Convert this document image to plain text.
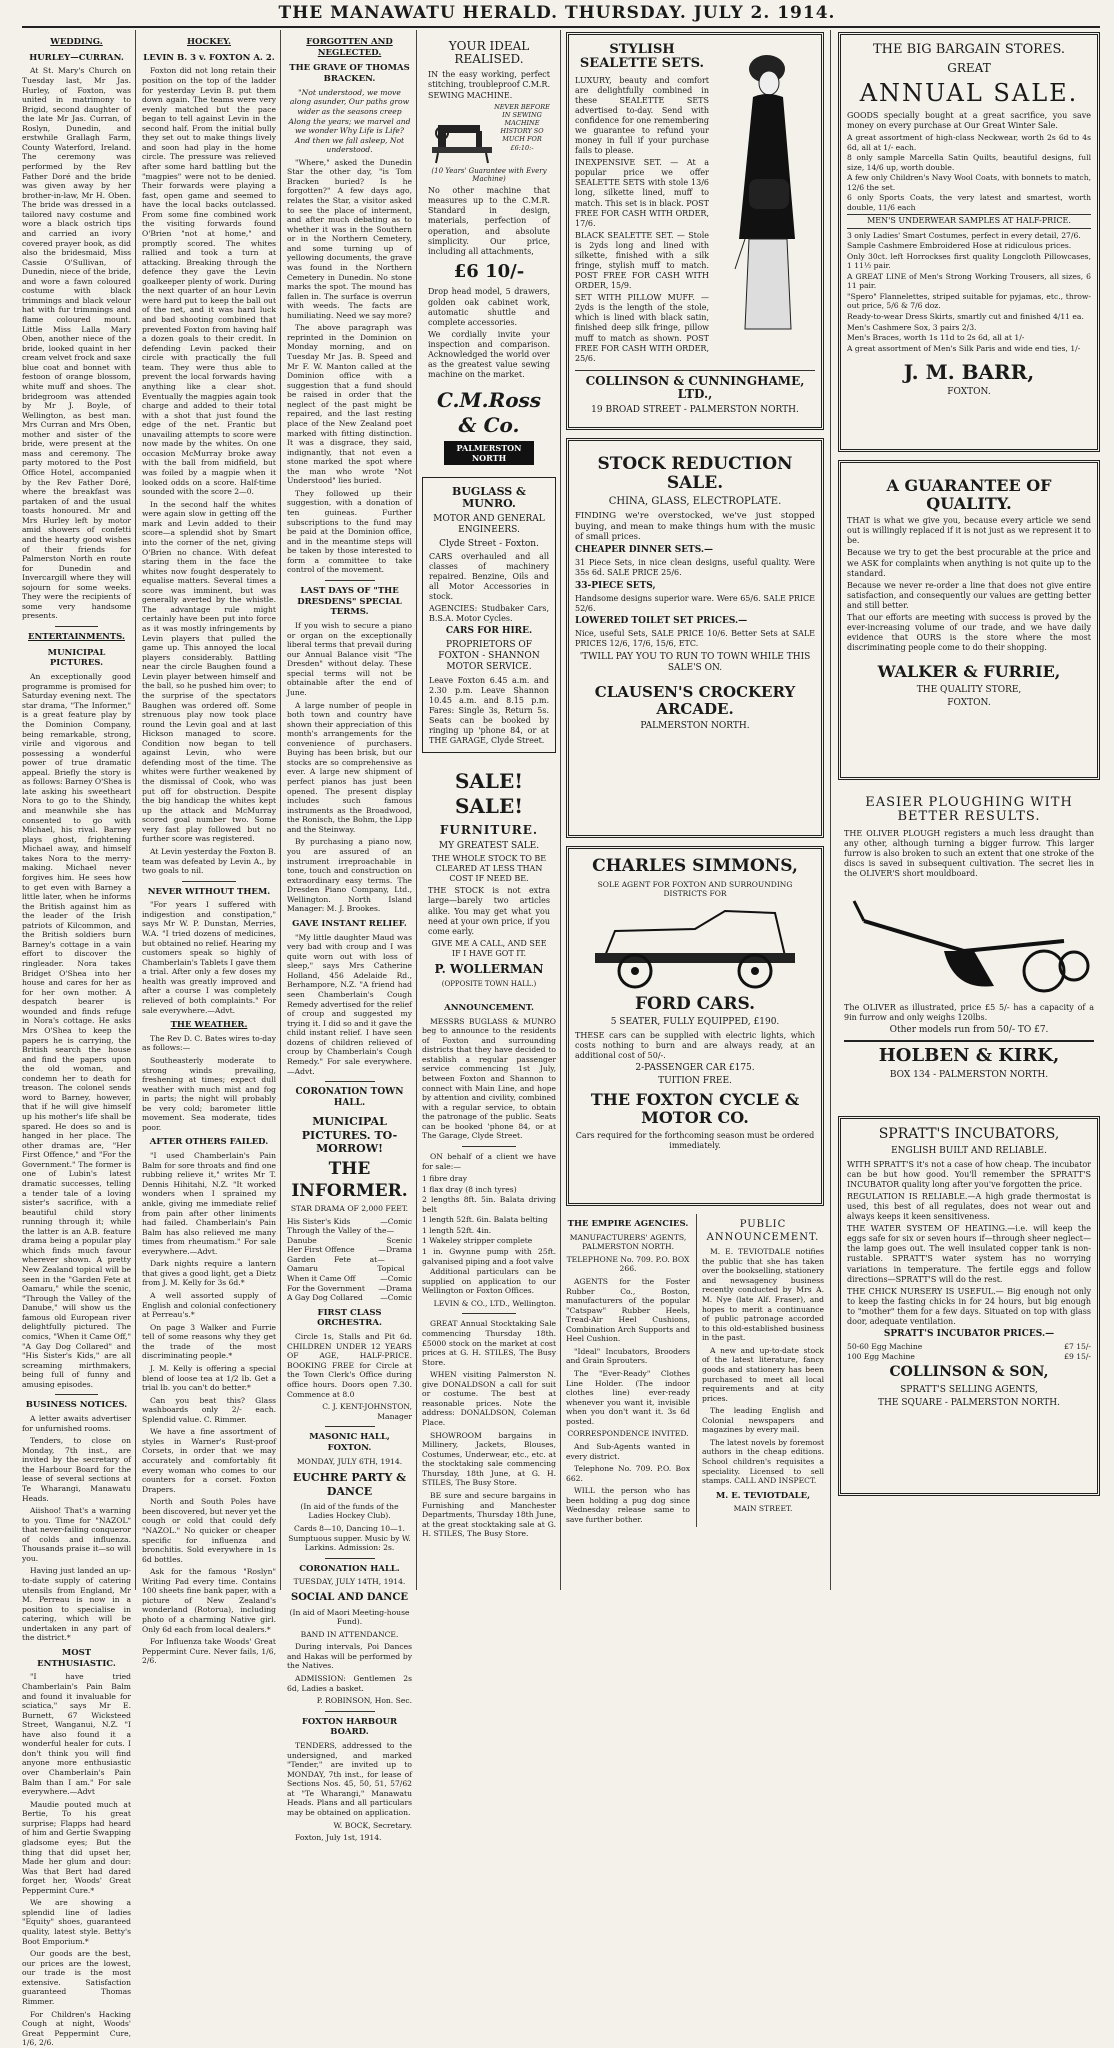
THE MANAWATU HERALD. THURSDAY. JULY 2. 1914.
WEDDING.
HURLEY—CURRAN.

At St. Mary's Church on Tuesday last, Mr Jas. Hurley, of Foxton, was united in matrimony to Brigid, second daughter of the late Mr Jas. Curran, of Roslyn, Dunedin, and erstwhile Grallagh Farm, County Waterford, Ireland. The ceremony was performed by the Rev Father Doré and the bride was given away by her brother-in-law, Mr H. Oben. The bride was dressed in a tailored navy costume and wore a black ostrich tips and carried an ivory covered prayer book, as did also the bridesmaid, Miss Cassie O'Sullivan, of Dunedin, niece of the bride, and wore a fawn coloured costume with black trimmings and black velour hat with fur trimmings and flame coloured mount. Little Miss Lalla Mary Oben, another niece of the bride, looked quaint in her cream velvet frock and saxe blue coat and bonnet with festoon of orange blossom, white muff and shoes. The bridegroom was attended by Mr J. Boyle, of Wellington, as best man. Mrs Curran and Mrs Oben, mother and sister of the bride, were present at the mass and ceremony. The party motored to the Post Office Hotel, accompanied by the Rev Father Doré, where the breakfast was partaken of and the usual toasts honoured. Mr and Mrs Hurley left by motor amid showers of confetti and the hearty good wishes of their friends for Palmerston North en route for Dunedin and Invercargill where they will sojourn for some weeks. They were the recipients of some very handsome presents.

ENTERTAINMENTS.
MUNICIPAL PICTURES.

An exceptionally good programme is promised for Saturday evening next. The star drama, "The Informer," is a great feature play by the Dominion Company, being remarkable, strong, virile and vigorous and possessing a wonderful power of true dramatic appeal. Briefly the story is as follows: Barney O'Shea is late asking his sweetheart Nora to go to the Shindy, and meanwhile she has consented to go with Michael, his rival. Barney plays ghost, frightening Michael away, and himself takes Nora to the merry-making. Michael never forgives him. He sees how to get even with Barney a little later, when he informs the British against him as the leader of the Irish patriots of Kilcommon, and the British soldiers burn Barney's cottage in a vain effort to discover the ringleader. Nora takes Bridget O'Shea into her house and cares for her as for her own mother. A despatch bearer is wounded and finds refuge in Nora's cottage. He asks Mrs O'Shea to keep the papers he is carrying, the British search the house and find the papers upon the old woman, and condemn her to death for treason. The colonel sends word to Barney, however, that if he will give himself up his mother's life shall be spared. He does so and is hanged in her place. The other dramas are, "Her First Offence," and "For the Government." The former is one of Lubin's latest dramatic successes, telling a tender tale of a loving sister's sacrifice, with a beautiful child story running through it; while the latter is an A.B. feature drama being a popular play which finds much favour wherever shown. A pretty New Zealand topical will be seen in the "Garden Fete at Oamaru," while the scenic, "Through the Valley of the Danube," will show us the famous old European river delightfully pictured. The comics, "When it Came Off," "A Gay Dog Collared" and "His Sister's Kids," are all screaming mirthmakers, being full of funny and amusing episodes.

BUSINESS NOTICES.

A letter awaits advertiser for unfurnished rooms.

Tenders, to close on Monday, 7th inst., are invited by the secretary of the Harbour Board for the lease of several sections at Te Wharangi, Manawatu Heads.

Aiishoo! That's a warning to you. Time for "NAZOL" that never-failing conqueror of colds and influenza. Thousands praise it—so will you.

Having just landed an up-to-date supply of catering utensils from England, Mr M. Perreau is now in a position to specialise in catering, which will be undertaken in any part of the district.*

MOST ENTHUSIASTIC.

"I have tried Chamberlain's Pain Balm and found it invaluable for sciatica," says Mr E. Burnett, 67 Wicksteed Street, Wanganui, N.Z. "I have also found it a wonderful healer for cuts. I don't think you will find anyone more enthusiastic over Chamberlain's Pain Balm than I am." For sale everywhere.—Advt

Maudie pouted much at Bertie, To his great surprise; Flapps had heard of him and Gertie Swapping gladsome eyes; But the thing that did upset her, Made her glum and dour: Was that Bert had dared forget her, Woods' Great Peppermint Cure.*

We are showing a splendid line of ladies "Equity" shoes, guaranteed quality, latest style. Betty's Boot Emporium.*

Our goods are the best, our prices are the lowest, our trade is the most extensive. Satisfaction guaranteed Thomas Rimmer.

For Children's Hacking Cough at night, Woods' Great Peppermint Cure, 1/6, 2/6.

HOCKEY.
LEVIN B. 3 v. FOXTON A. 2.

Foxton did not long retain their position on the top of the ladder for yesterday Levin B. put them down again. The teams were very evenly matched but the pace began to tell against Levin in the second half. From the initial bully they set out to make things lively and soon had play in the home circle. The pressure was relieved after some hard battling but the "magpies" were not to be denied. Their forwards were playing a fast, open game and seemed to have the local backs outclassed. From some fine combined work the visiting forwards found O'Brien "not at home," and promptly scored. The whites rallied and took a turn at attacking. Breaking through the defence they gave the Levin goalkeeper plenty of work. During the next quarter of an hour Levin were hard put to keep the ball out of the net, and it was hard luck and bad shooting combined that prevented Foxton from having half a dozen goals to their credit. In defending Levin packed their circle with practically the full team. They were thus able to prevent the local forwards having anything like a clear shot. Eventually the magpies again took charge and added to their total with a shot that just found the edge of the net. Frantic but unavailing attempts to score were now made by the whites. On one occasion McMurray broke away with the ball from midfield, but was foiled by a magpie when it looked odds on a score. Half-time sounded with the score 2—0.

In the second half the whites were again slow in getting off the mark and Levin added to their score—a splendid shot by Smart into the corner of the net, giving O'Brien no chance. With defeat staring them in the face the whites now fought desperately to equalise matters. Several times a score was imminent, but was generally averted by the whistle. The advantage rule might certainly have been put into force as it was mostly infringements by Levin players that pulled the game up. This annoyed the local players considerably. Battling near the circle Baughen found a Levin player between himself and the ball, so he pushed him over; to the surprise of the spectators Baughen was ordered off. Some strenuous play now took place round the Levin goal and at last Hickson managed to score. Condition now began to tell against Levin, who were defending most of the time. The whites were further weakened by the dismissal of Cook, who was put off for obstruction. Despite the big handicap the whites kept up the attack and McMurray scored goal number two. Some very fast play followed but no further score was registered.

At Levin yesterday the Foxton B. team was defeated by Levin A., by two goals to nil.

NEVER WITHOUT THEM.

"For years I suffered with indigestion and constipation," says Mr W. P. Dunstan, Merries, W.A. "I tried dozens of medicines, but obtained no relief. Hearing my customers speak so highly of Chamberlain's Tablets I gave them a trial. After only a few doses my health was greatly improved and after a course I was completely relieved of both complaints." For sale everywhere.—Advt.

THE WEATHER.

The Rev D. C. Bates wires to-day as follows:—

Southeasterly moderate to strong winds prevailing, freshening at times; expect dull weather with much mist and fog in parts; the night will probably be very cold; barometer little movement. Sea moderate, tides poor.

AFTER OTHERS FAILED.

"I used Chamberlain's Pain Balm for sore throats and find one rubbing relieve it," writes Mr T. Dennis Hihitahi, N.Z. "It worked wonders when I sprained my ankle, giving me immediate relief from pain after other liniments had failed. Chamberlain's Pain Balm has also relieved me many times from rheumatism." For sale everywhere.—Advt.

Dark nights require a lantern that gives a good light, get a Dietz from J. M. Kelly for 3s 6d.*

A well assorted supply of English and colonial confectionery at Perreau's.*

On page 3 Walker and Furrie tell of some reasons why they get the trade of the most discriminating people.*

J. M. Kelly is offering a special blend of loose tea at 1/2 lb. Get a trial lb. you can't do better.*

Can you beat this? Glass washboards only 2/- each. Splendid value. C. Rimmer.

We have a fine assortment of styles in Warner's Rust-proof Corsets, in order that we may accurately and comfortably fit every woman who comes to our counters for a corset. Foxton Drapers.

North and South Poles have been discovered, but never yet the cough or cold that could defy "NAZOL." No quicker or cheaper specific for influenza and bronchitis. Sold everywhere in 1s 6d bottles.

Ask for the famous "Roslyn" Writing Pad every time. Contains 100 sheets fine bank paper, with a picture of New Zealand's wonderland (Rotorua), including photo of a charming Native girl. Only 6d each from local dealers.*

For Influenza take Woods' Great Peppermint Cure. Never fails, 1/6, 2/6.

FORGOTTEN AND NEGLECTED.
THE GRAVE OF THOMAS BRACKEN.

"Not understood, we move along asunder, Our paths grow wider as the seasons creep Along the years; we marvel and we wonder Why Life is Life? And then we fall asleep, Not understood.

"Where," asked the Dunedin Star the other day, "is Tom Bracken buried? Is he forgotten?" A few days ago, relates the Star, a visitor asked to see the place of interment, and after much debating as to whether it was in the Southern or in the Northern Cemetery, and some turning up of yellowing documents, the grave was found in the Northern Cemetery in Dunedin. No stone marks the spot. The mound has fallen in. The surface is overrun with weeds. The facts are humiliating. Need we say more?

The above paragraph was reprinted in the Dominion on Monday morning, and on Tuesday Mr Jas. B. Speed and Mr F. W. Manton called at the Dominion office with a suggestion that a fund should be raised in order that the neglect of the past might be repaired, and the last resting place of the New Zealand poet marked with fitting distinction. It was a disgrace, they said, indignantly, that not even a stone marked the spot where the man who wrote "Not Understood" lies buried.

They followed up their suggestion, with a donation of ten guineas. Further subscriptions to the fund may be paid at the Dominion office, and in the meantime steps will be taken by those interested to form a committee to take control of the movement.

LAST DAYS OF "THE DRESDENS" SPECIAL TERMS.

If you wish to secure a piano or organ on the exceptionally liberal terms that prevail during our Annual Balance visit "The Dresden" without delay. These special terms will not be obtainable after the end of June.

A large number of people in both town and country have shown their appreciation of this month's arrangements for the convenience of purchasers. Buying has been brisk, but our stocks are so comprehensive as ever. A large new shipment of perfect pianos has just been opened. The present display includes such famous instruments as the Broadwood, the Ronisch, the Bohm, the Lipp and the Steinway.

By purchasing a piano now, you are assured of an instrument irreproachable in tone, touch and construction on extraordinary easy terms. The Dresden Piano Company, Ltd., Wellington. North Island Manager: M. J. Brookes.

GAVE INSTANT RELIEF.

"My little daughter Maud was very bad with croup and I was quite worn out with loss of sleep," says Mrs Catherine Holland, 456 Adelaide Rd., Berhampore, N.Z. "A friend had seen Chamberlain's Cough Remedy advertised for the relief of croup and suggested my trying it. I did so and it gave the child instant relief. I have seen dozens of children relieved of croup by Chamberlain's Cough Remedy." For sale everywhere.—Advt.

CORONATION TOWN HALL.
MUNICIPAL PICTURES. TO-MORROW!
THE INFORMER.

STAR DRAMA OF 2,000 FEET.

His Sister's Kids	—Comic
Through the Valley of the Danube
—Scenic
Her First Offence	—Drama
Garden Fete at Oamaru
—Topical
When it Came Off	—Comic
For the Government —Drama
A Gay Dog Collared —Comic
FIRST CLASS ORCHESTRA.

Circle 1s, Stalls and Pit 6d. CHILDREN UNDER 12 YEARS OF AGE, HALF-PRICE. BOOKING FREE for Circle at the Town Clerk's Office during office hours. Doors open 7.30. Commence at 8.0

C. J. KENT-JOHNSTON, Manager

MASONIC HALL, FOXTON.

MONDAY, JULY 6TH, 1914.

EUCHRE PARTY & DANCE

(In aid of the funds of the Ladies Hockey Club).

Cards 8—10, Dancing 10—1. Sumptuous supper. Music by W. Larkins. Admission: 2s.

CORONATION HALL.

TUESDAY, JULY 14TH, 1914.

SOCIAL AND DANCE

(In aid of Maori Meeting-house Fund).

BAND IN ATTENDANCE.

During intervals, Poi Dances and Hakas will be performed by the Natives.

ADMISSION: Gentlemen 2s 6d, Ladies a basket.

P. ROBINSON, Hon. Sec.

FOXTON HARBOUR BOARD.

TENDERS, addressed to the undersigned, and marked "Tender," are invited up to MONDAY, 7th inst., for lease of Sections Nos. 45, 50, 51, 57/62 at "Te Wharangi," Manawatu Heads. Plans and all particulars may be obtained on application.

W. BOCK, Secretary.

Foxton, July 1st, 1914.

YOUR IDEAL REALISED.
IN the easy working, perfect stitching, troubleproof C.M.R. SEWING MACHINE.
NEVER BEFORE IN SEWING MACHINE HISTORY SO MUCH FOR £6:10:-
(10 Years' Guarantee with Every Machine)
No other machine that measures up to the C.M.R. Standard in design, materials, perfection of operation, and absolute simplicity. Our price, including all attachments,
£6 10/-
Drop head model, 5 drawers, golden oak cabinet work, automatic shuttle and complete accessories.
We cordially invite your inspection and comparison. Acknowledged the world over as the greatest value sewing machine on the market.
C.M.Ross & Co.
PALMERSTON NORTH
BUGLASS & MUNRO.
MOTOR AND GENERAL ENGINEERS.
Clyde Street - Foxton.
CARS overhauled and all classes of machinery repaired. Benzine, Oils and all Motor Accessories in stock.
AGENCIES: Studbaker Cars, B.S.A. Motor Cycles.
CARS FOR HIRE.
PROPRIETORS OF FOXTON - SHANNON MOTOR SERVICE.
Leave Foxton 6.45 a.m. and 2.30 p.m. Leave Shannon 10.45 a.m. and 8.15 p.m. Fares: Single 3s, Return 5s. Seats can be booked by ringing up 'phone 84, or at THE GARAGE, Clyde Street.
SALE! SALE!
FURNITURE.
MY GREATEST SALE.
THE WHOLE STOCK TO BE CLEARED AT LESS THAN COST IF NEED BE.
THE STOCK is not extra large—barely two articles alike. You may get what you need at your own price, if you come early.
GIVE ME A CALL, AND SEE IF I HAVE GOT IT.
P. WOLLERMAN
(OPPOSITE TOWN HALL.)
ANNOUNCEMENT.

MESSRS BUGLASS & MUNRO beg to announce to the residents of Foxton and surrounding districts that they have decided to establish a regular passenger service commencing 1st July, between Foxton and Shannon to connect with Main Line, and hope by attention and civility, combined with a regular service, to obtain the patronage of the public. Seats can be booked 'phone 84, or at The Garage, Clyde Street.

ON behalf of a client we have for sale:—

1 fibre dray
1 flax dray (8 inch tyres)
2 lengths 8ft. 5in. Balata driving belt
1 length 52ft. 6in. Balata belting
1 length 52ft. 4in.
1 Wakeley stripper complete
1 in. Gwynne pump with 25ft. galvanised piping and a foot valve

Additional particulars can be supplied on application to our Wellington or Foxton Offices.

LEVIN & CO., LTD., Wellington.

GREAT Annual Stocktaking Sale commencing Thursday 18th. £5000 stock on the market at cost prices at G. H. STILES, The Busy Store.

WHEN visiting Palmerston N. give DONALDSON a call for suit or costume. The best at reasonable prices. Note the address: DONALDSON, Coleman Place.

SHOWROOM bargains in Millinery, Jackets, Blouses, Costumes, Underwear, etc., etc. at the stocktaking sale commencing Thursday, 18th June, at G. H. STILES, The Busy Store.

BE sure and secure bargains in Furnishing and Manchester Departments, Thursday 18th June, at the great stocktaking sale at G. H. STILES, The Busy Store.

STYLISH SEALETTE SETS.
LUXURY, beauty and comfort are delightfully combined in these SEALETTE SETS advertised to-day. Send with confidence for one remembering we guarantee to refund your money in full if your purchase fails to please.
INEXPENSIVE SET. — At a popular price we offer SEALETTE SETS with stole 13/6 long, silkette lined, muff to match. This set is in black. POST FREE FOR CASH WITH ORDER, 17/6.
BLACK SEALETTE SET. — Stole is 2yds long and lined with silkette, finished with a silk fringe, stylish muff to match. POST FREE FOR CASH WITH ORDER, 15/9.
SET WITH PILLOW MUFF. — 2yds is the length of the stole, which is lined with black satin, finished deep silk fringe, pillow muff to match as shown. POST FREE FOR CASH WITH ORDER, 25/6.
COLLINSON & CUNNINGHAME, LTD.,
19 BROAD STREET - PALMERSTON NORTH.
STOCK REDUCTION SALE.
CHINA, GLASS, ELECTROPLATE.
FINDING we're overstocked, we've just stopped buying, and mean to make things hum with the music of small prices.
CHEAPER DINNER SETS.—
31 Piece Sets, in nice clean designs, useful quality. Were 35s 6d. SALE PRICE 25/6.
33-PIECE SETS,
Handsome designs superior ware. Were 65/6. SALE PRICE 52/6.
LOWERED TOILET SET PRICES.—
Nice, useful Sets, SALE PRICE 10/6. Better Sets at SALE PRICES 12/6, 17/6, 15/6, ETC.
'TWILL PAY YOU TO RUN TO TOWN WHILE THIS SALE'S ON.
CLAUSEN'S CROCKERY ARCADE.
PALMERSTON NORTH.
CHARLES SIMMONS,
SOLE AGENT FOR FOXTON AND SURROUNDING DISTRICTS FOR
FORD CARS.
5 SEATER, FULLY EQUIPPED, £190.
THESE cars can be supplied with electric lights, which costs nothing to burn and are always ready, at an additional cost of 50/-.
2-PASSENGER CAR £175.
TUITION FREE.
THE FOXTON CYCLE & MOTOR CO.
Cars required for the forthcoming season must be ordered immediately.
THE EMPIRE AGENCIES.

MANUFACTURERS' AGENTS, PALMERSTON NORTH.

TELEPHONE No. 709. P.O. BOX 266.

AGENTS for the Foster Rubber Co., Boston, manufacturers of the popular "Catspaw" Rubber Heels, Tread-Air Heel Cushions, Combination Arch Supports and Heel Cushion.

"Ideal" Incubators, Brooders and Grain Sprouters.

The "Ever-Ready" Clothes Line Holder. (The indoor clothes line) ever-ready whenever you want it, invisible when you don't want it. 3s 6d posted.

CORRESPONDENCE INVITED.

And Sub-Agents wanted in every district.

Telephone No. 709. P.O. Box 662.

WILL the person who has been holding a pug dog since Wednesday release same to save further bother.

PUBLIC ANNOUNCEMENT.

M. E. TEVIOTDALE notifies the public that she has taken over the bookselling, stationery and newsagency business recently conducted by Mrs A. M. Nye (late Alf. Fraser), and hopes to merit a continuance of public patronage accorded to this old-established business in the past.

A new and up-to-date stock of the latest literature, fancy goods and stationery has been purchased to meet all local requirements and at city prices.

The leading English and Colonial newspapers and magazines by every mail.

The latest novels by foremost authors in the cheap editions. School children's requisites a speciality. Licensed to sell stamps. CALL AND INSPECT.

M. E. TEVIOTDALE,

MAIN STREET.

THE BIG BARGAIN STORES.
GREAT
ANNUAL SALE.
GOODS specially bought at a great sacrifice, you save money on every purchase at Our Great Winter Sale.
A great assortment of high-class Neckwear, worth 2s 6d to 4s 6d, all at 1/- each.
8 only sample Marcella Satin Quilts, beautiful designs, full size, 14/6 up, worth double.
A few only Children's Navy Wool Coats, with bonnets to match, 12/6 the set.
6 only Sports Coats, the very latest and smartest, worth double, 11/6 each
MEN'S UNDERWEAR SAMPLES AT HALF-PRICE.
3 only Ladies' Smart Costumes, perfect in every detail, 27/6.
Sample Cashmere Embroidered Hose at ridiculous prices.
Only 30ct. left Horrockses first quality Longcloth Pillowcases, 1 11½ pair.
A GREAT LINE of Men's Strong Working Trousers, all sizes, 6 11 pair.
"Spero" Flannelettes, striped suitable for pyjamas, etc., throw-out price, 5/6 & 7/6 doz.
Ready-to-wear Dress Skirts, smartly cut and finished 4/11 ea.
Men's Cashmere Sox, 3 pairs 2/3.
Men's Braces, worth 1s 11d to 2s 6d, all at 1/-
A great assortment of Men's Silk Paris and wide end ties, 1/-
J. M. BARR,
FOXTON.
A GUARANTEE OF QUALITY.
THAT is what we give you, because every article we send out is willingly replaced if it is not just as we represent it to be.
Because we try to get the best procurable at the price and we ASK for complaints when anything is not quite up to the standard.
Because we never re-order a line that does not give entire satisfaction, and consequently our values are getting better and still better.
That our efforts are meeting with success is proved by the ever-increasing volume of our trade, and we have daily evidence that OURS is the store where the most discriminating people come to do their shopping.
WALKER & FURRIE,
THE QUALITY STORE,
FOXTON.
EASIER PLOUGHING WITH BETTER RESULTS.
THE OLIVER PLOUGH registers a much less draught than any other, although turning a bigger furrow. This larger furrow is also broken to such an extent that one stroke of the discs is saved in subsequent cultivation. The secret lies in the OLIVER'S short mouldboard.
The OLIVER as illustrated, price £5 5/- has a capacity of a 9in furrow and only weighs 120lbs.
Other models run from 50/- TO £7.
HOLBEN & KIRK,
BOX 134 - PALMERSTON NORTH.
SPRATT'S INCUBATORS,
ENGLISH BUILT AND RELIABLE.
WITH SPRATT'S it's not a case of how cheap. The incubator can be but how good. You'll remember the SPRATT'S INCUBATOR quality long after you've forgotten the price.
REGULATION IS RELIABLE.—A high grade thermostat is used, this best of all regulates, does not wear out and always keeps it keen sensitiveness.
THE WATER SYSTEM OF HEATING.—i.e. will keep the eggs safe for six or seven hours if—through sheer neglect—the lamp goes out. The well insulated copper tank is non-rustable. SPRATT'S water system has no worrying variations in temperature. The fertile eggs and follow directions—SPRATT'S will do the rest.
THE CHICK NURSERY IS USEFUL.— Big enough not only to keep the fasting chicks in for 24 hours, but big enough to "mother" them for a few days. Situated on top with glass door, adequate ventilation.
SPRATT'S INCUBATOR PRICES.—
50-60 Egg Machine	£7 15/-
100 Egg Machine	£9 15/-
COLLINSON & SON,
SPRATT'S SELLING AGENTS,
THE SQUARE - PALMERSTON NORTH.
